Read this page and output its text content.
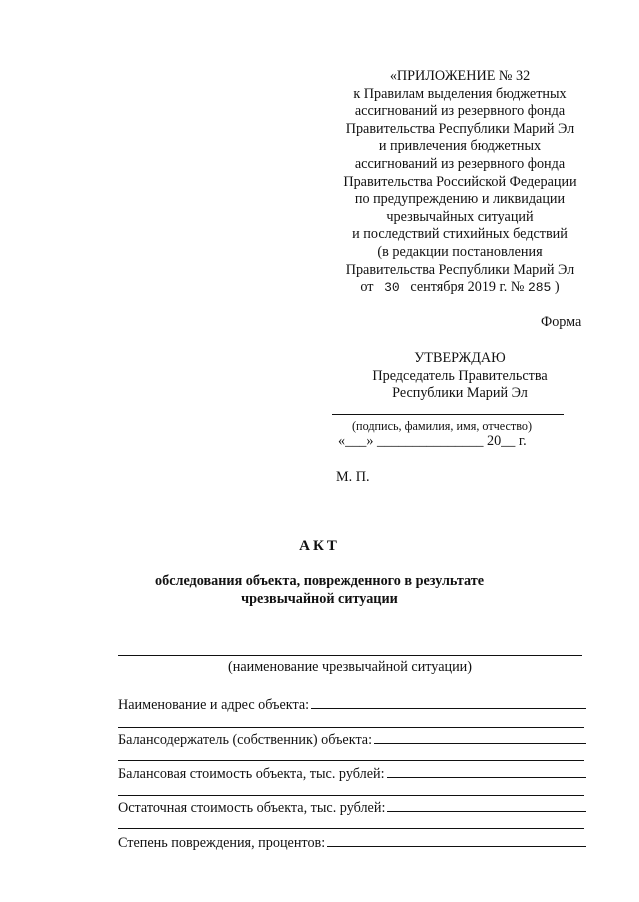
«ПРИЛОЖЕНИЕ № 32
к Правилам выделения бюджетных
ассигнований из резервного фонда
Правительства Республики Марий Эл
и привлечения бюджетных
ассигнований из резервного фонда
Правительства Российской Федерации
по предупреждению и ликвидации
чрезвычайных ситуаций
и последствий стихийных бедствий
(в редакции постановления
Правительства Республики Марий Эл
от 30 сентября 2019 г. № 285 )
Форма
УТВЕРЖДАЮ
Председатель Правительства
Республики Марий Эл
(подпись, фамилия, имя, отчество)
«___» _______________ 20__ г.
М. П.
АКТ
обследования объекта, поврежденного в результате
чрезвычайной ситуации
(наименование чрезвычайной ситуации)
Наименование и адрес объекта:
Балансодержатель (собственник) объекта:
Балансовая стоимость объекта, тыс. рублей:
Остаточная стоимость объекта, тыс. рублей:
Степень повреждения, процентов:
